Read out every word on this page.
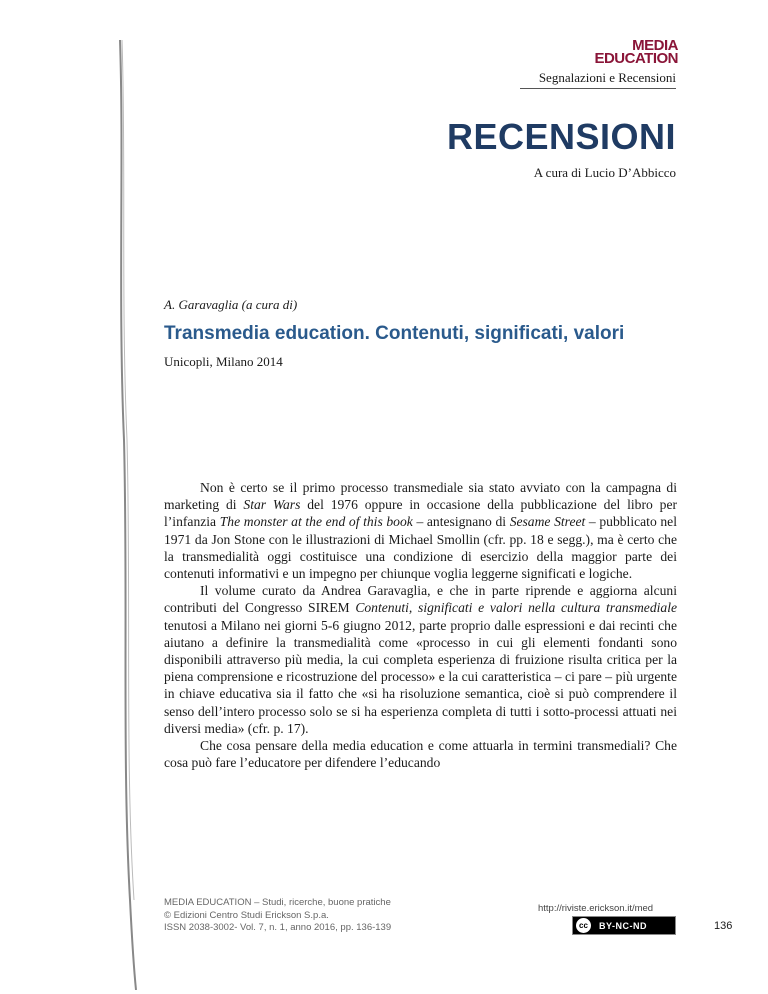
MEDIA
EDUCATION
Segnalazioni e Recensioni
RECENSIONI
A cura di Lucio D’Abbicco
A. Garavaglia (a cura di)
Transmedia education. Contenuti, significati, valori
Unicopli, Milano 2014

Non è certo se il primo processo transmediale sia stato avviato con la campagna di marketing di Star Wars del 1976 oppure in occasione della pubblicazione del libro per l’infanzia The monster at the end of this book – antesignano di Sesame Street – pubblicato nel 1971 da Jon Stone con le illustrazioni di Michael Smollin (cfr. pp. 18 e segg.), ma è certo che la transmedialità oggi costituisce una condizione di esercizio della maggior parte dei contenuti informativi e un impegno per chiunque voglia leggerne significati e logiche.

Il volume curato da Andrea Garavaglia, e che in parte riprende e aggiorna alcuni contributi del Congresso SIREM Contenuti, significati e valori nella cultura transmediale tenutosi a Milano nei giorni 5-6 giugno 2012, parte proprio dalle espressioni e dai recinti che aiutano a definire la transmedialità come «processo in cui gli elementi fondanti sono disponibili attraverso più media, la cui completa esperienza di fruizione risulta critica per la piena comprensione e ricostruzione del processo» e la cui caratteristica – ci pare – più urgente in chiave educativa sia il fatto che «si ha risoluzione semantica, cioè si può comprendere il senso dell’intero processo solo se si ha esperienza completa di tutti i sotto-processi attuati nei diversi media» (cfr. p. 17).

Che cosa pensare della media education e come attuarla in termini transmediali? Che cosa può fare l’educatore per difendere l’educando

MEDIA EDUCATION – Studi, ricerche, buone pratiche
© Edizioni Centro Studi Erickson S.p.a.
ISSN 2038-3002- Vol. 7, n. 1, anno 2016, pp. 136-139
http://riviste.erickson.it/med
cc	BY-NC-ND	136
